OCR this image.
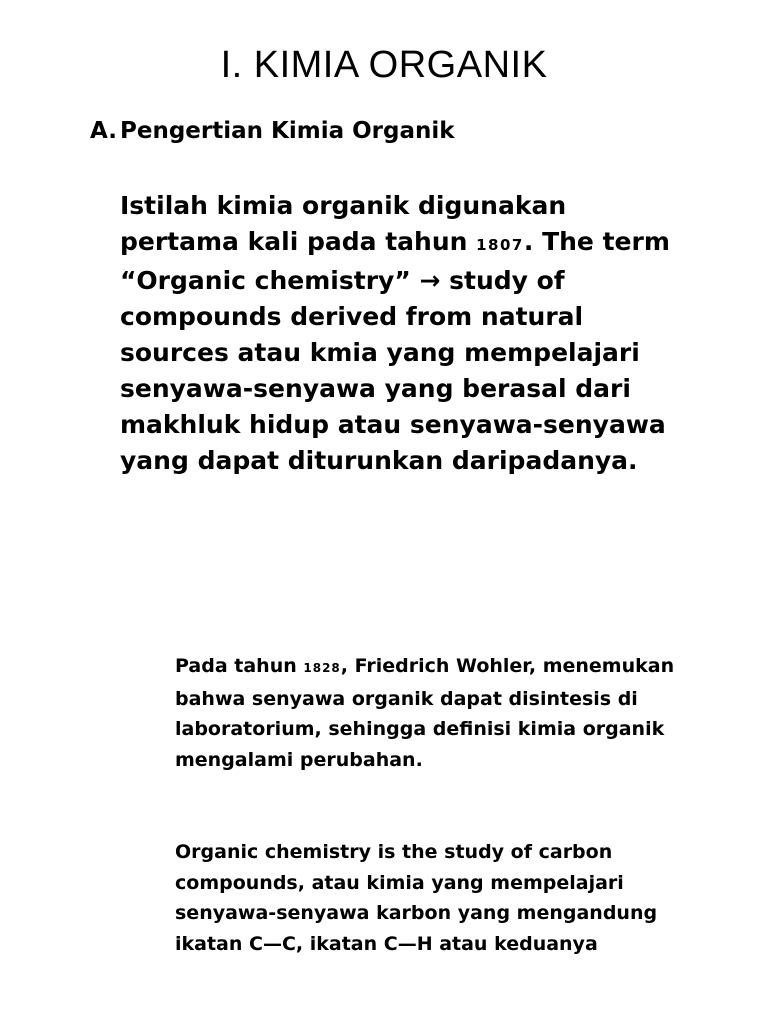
I. KIMIA ORGANIK
A. Pengertian Kimia Organik

Istilah kimia organik digunakan pertama kali pada tahun 1807. The term “Organic chemistry” → study of compounds derived from natural sources atau kmia yang mempelajari senyawa-senyawa yang berasal dari makhluk hidup atau senyawa-senyawa yang dapat diturunkan daripadanya.

Pada tahun 1828, Friedrich Wohler, menemukan bahwa senyawa organik dapat disintesis di laboratorium, sehingga definisi kimia organik mengalami perubahan.

Organic chemistry is the study of carbon compounds, atau kimia yang mempelajari senyawa-senyawa karbon yang mengandung ikatan C—C, ikatan C—H atau keduanya
